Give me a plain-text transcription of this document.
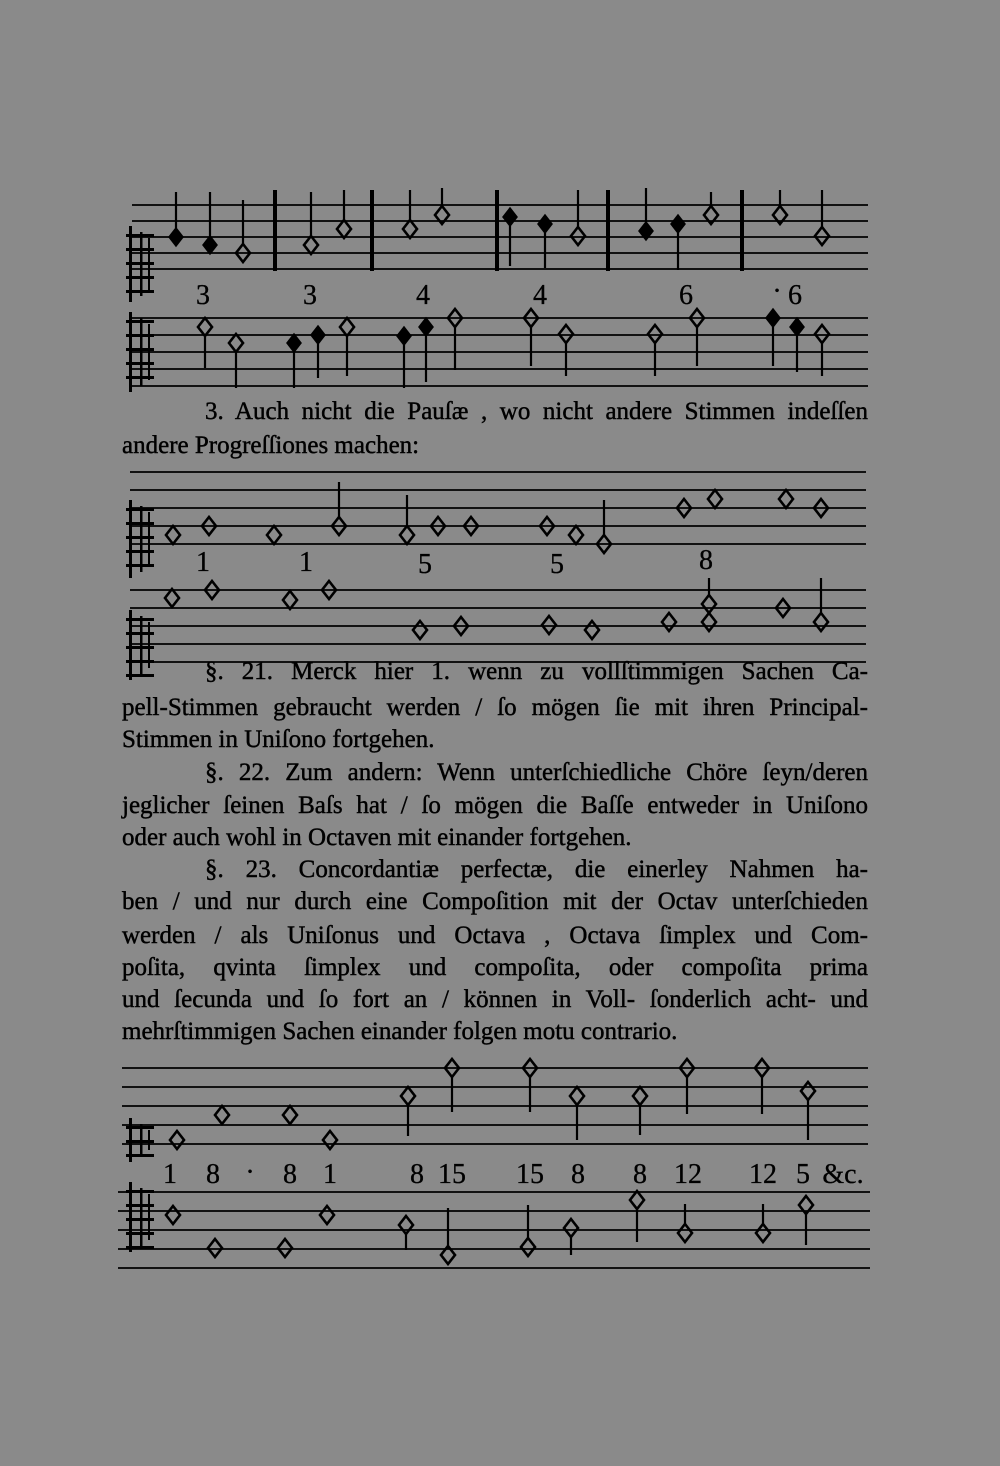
3	3	4	4	6	· 6
3. Auch nicht die Pauſæ , wo nicht andere Stimmen indeſſen
andere Progreſſiones machen:
1	1	5	5	8
§. 21. Merck hier 1. wenn zu vollſtimmigen Sachen Ca-
pell-Stimmen gebraucht werden / ſo mögen ſie mit ihren Principal-
Stimmen in Uniſono fortgehen.
§. 22. Zum andern: Wenn unterſchiedliche Chöre ſeyn/deren
jeglicher ſeinen Baſs hat / ſo mögen die Baſſe entweder in Uniſono
oder auch wohl in Octaven mit einander fortgehen.
§. 23. Concordantiæ perfectæ, die einerley Nahmen ha-
ben / und nur durch eine Compoſition mit der Octav unterſchieden
werden / als Uniſonus und Octava , Octava ſimplex und Com-
poſita, qvinta ſimplex und compoſita, oder compoſita prima
und ſecunda und ſo fort an / können in Voll- ſonderlich acht- und
mehrſtimmigen Sachen einander folgen motu contrario.
1 8 · 8 1	8 15 15 8 8 12 12 5 &c.
